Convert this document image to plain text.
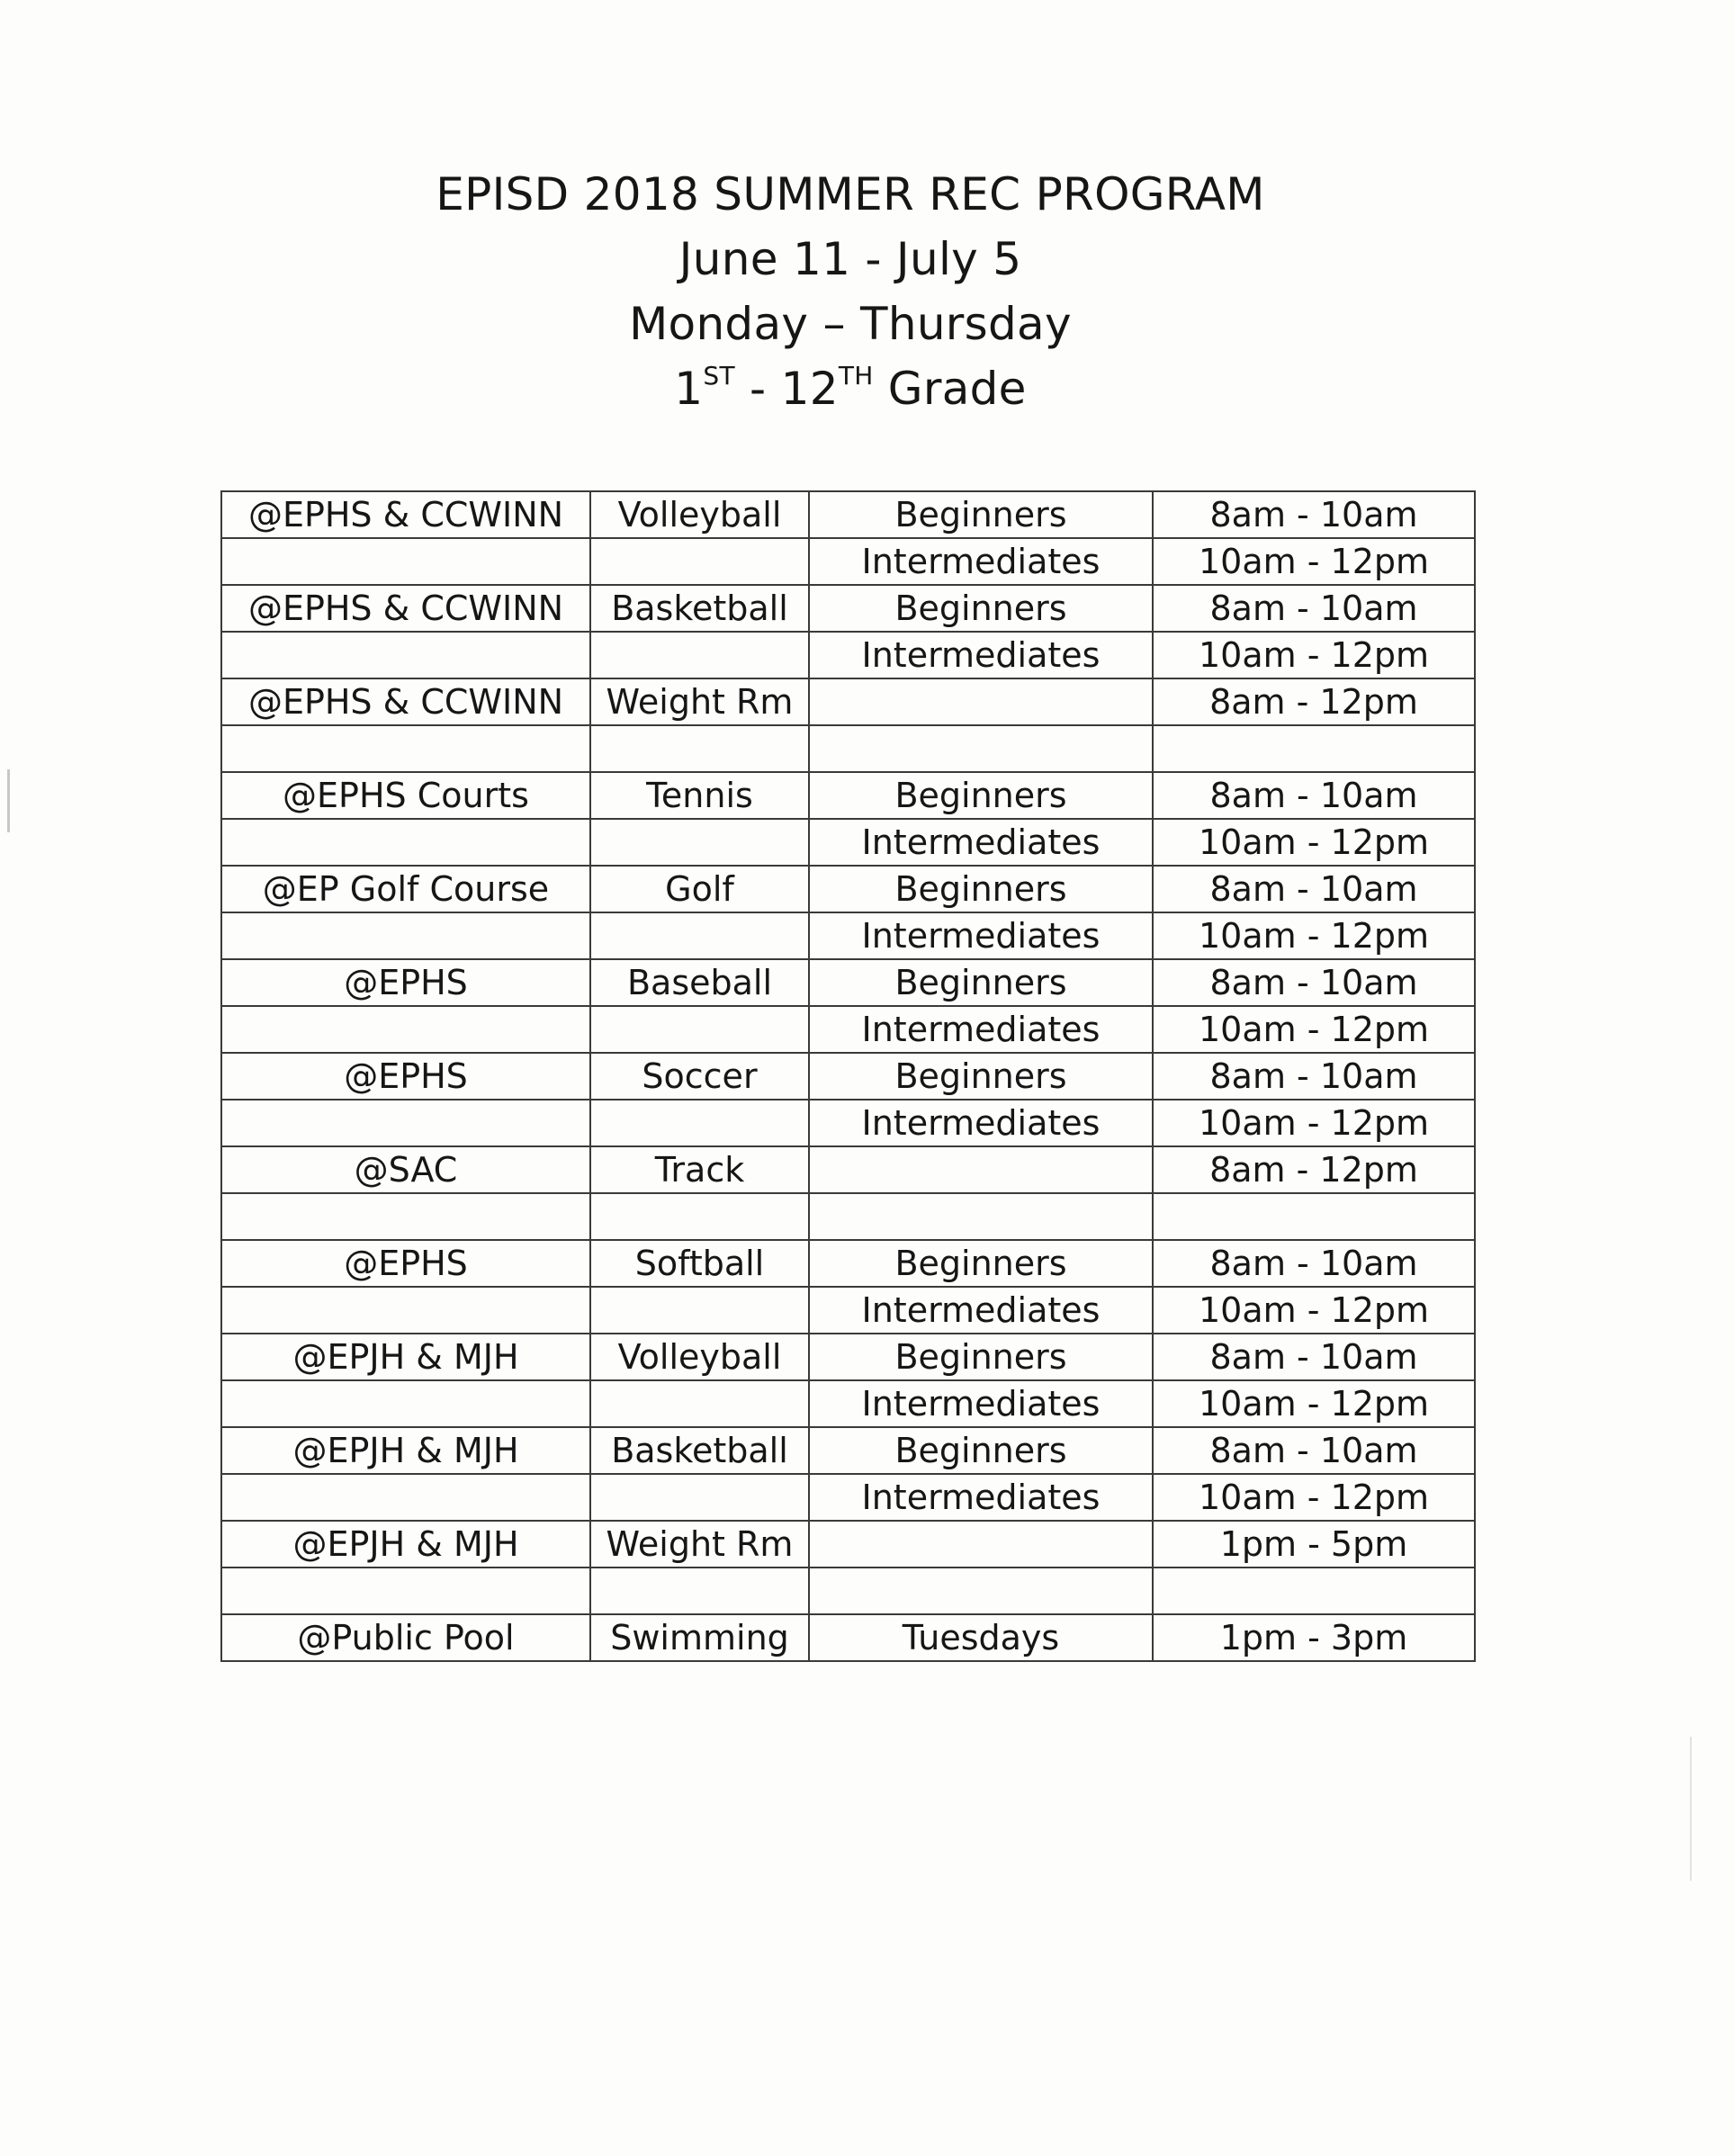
EPISD 2018 SUMMER REC PROGRAM
June 11 - July 5
Monday – Thursday
1ST - 12TH Grade
@EPHS & CCWINN	Volleyball	Beginners	8am - 10am
		Intermediates	10am - 12pm
@EPHS & CCWINN	Basketball	Beginners	8am - 10am
		Intermediates	10am - 12pm
@EPHS & CCWINN	Weight Rm		8am - 12pm

@EPHS Courts	Tennis	Beginners	8am - 10am
		Intermediates	10am - 12pm
@EP Golf Course	Golf	Beginners	8am - 10am
		Intermediates	10am - 12pm
@EPHS	Baseball	Beginners	8am - 10am
		Intermediates	10am - 12pm
@EPHS	Soccer	Beginners	8am - 10am
		Intermediates	10am - 12pm
@SAC	Track		8am - 12pm

@EPHS	Softball	Beginners	8am - 10am
		Intermediates	10am - 12pm
@EPJH & MJH	Volleyball	Beginners	8am - 10am
		Intermediates	10am - 12pm
@EPJH & MJH	Basketball	Beginners	8am - 10am
		Intermediates	10am - 12pm
@EPJH & MJH	Weight Rm		1pm - 5pm

@Public Pool	Swimming	Tuesdays	1pm - 3pm
